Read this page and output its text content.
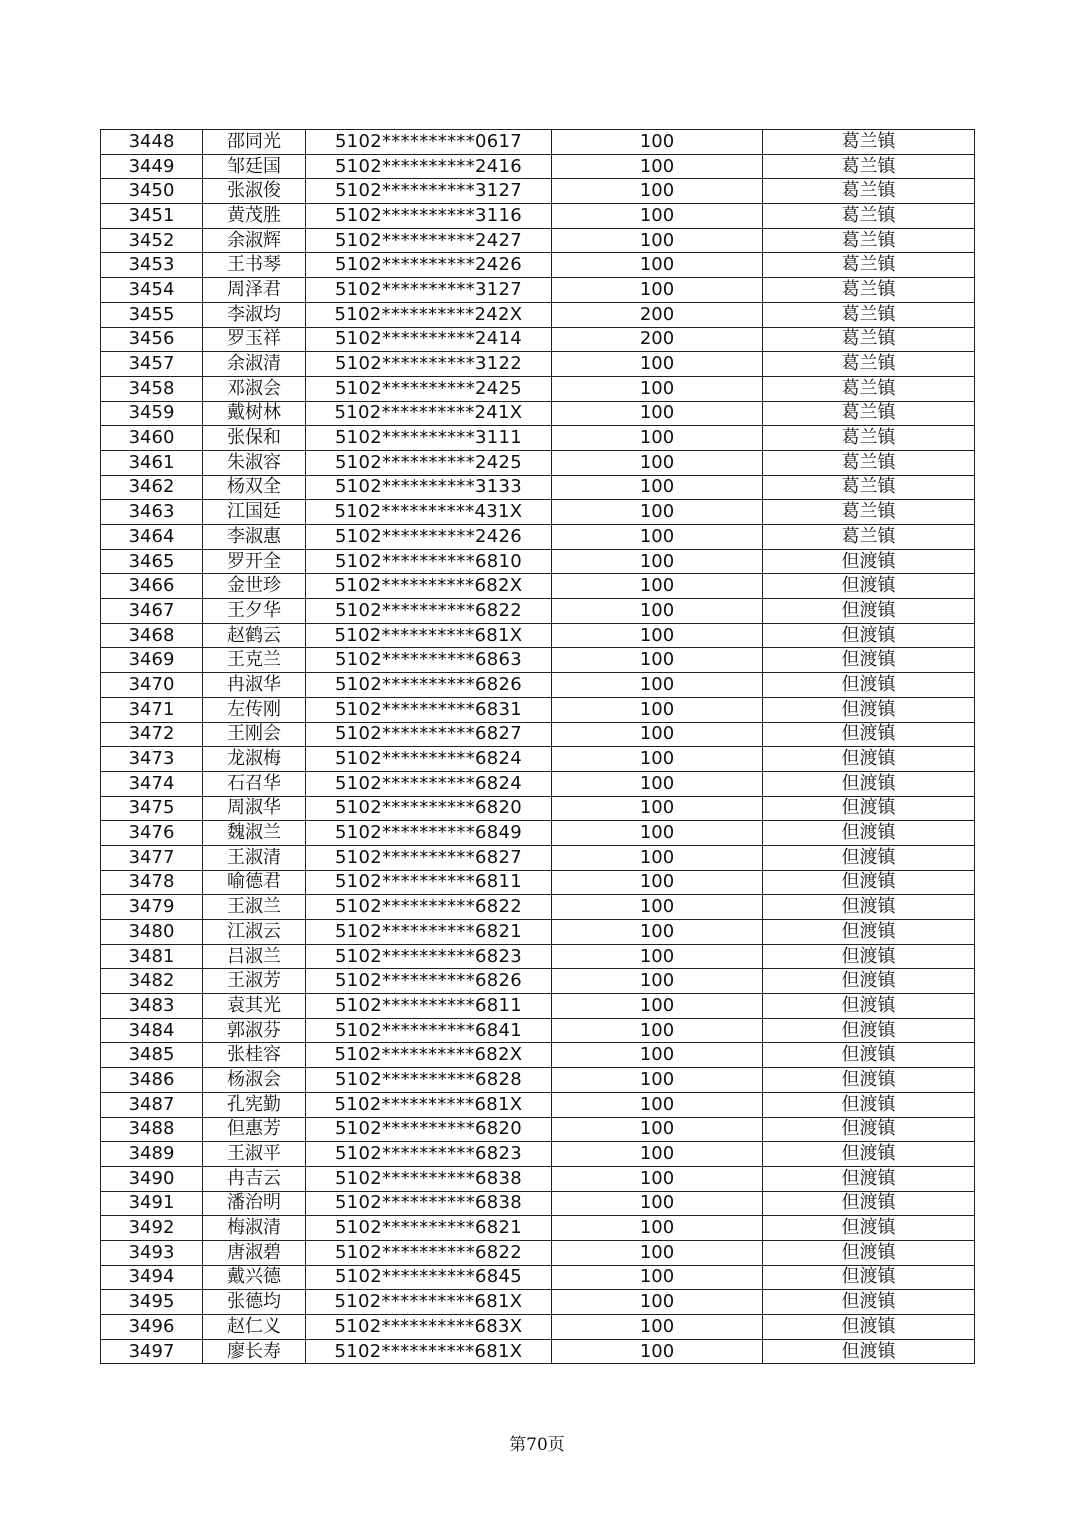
3448	邵同光	5102**********0617	100	葛兰镇
3449	邹廷国	5102**********2416	100	葛兰镇
3450	张淑俊	5102**********3127	100	葛兰镇
3451	黄茂胜	5102**********3116	100	葛兰镇
3452	余淑辉	5102**********2427	100	葛兰镇
3453	王书琴	5102**********2426	100	葛兰镇
3454	周泽君	5102**********3127	100	葛兰镇
3455	李淑均	5102**********242X	200	葛兰镇
3456	罗玉祥	5102**********2414	200	葛兰镇
3457	余淑清	5102**********3122	100	葛兰镇
3458	邓淑会	5102**********2425	100	葛兰镇
3459	戴树林	5102**********241X	100	葛兰镇
3460	张保和	5102**********3111	100	葛兰镇
3461	朱淑容	5102**********2425	100	葛兰镇
3462	杨双全	5102**********3133	100	葛兰镇
3463	江国廷	5102**********431X	100	葛兰镇
3464	李淑惠	5102**********2426	100	葛兰镇
3465	罗开全	5102**********6810	100	但渡镇
3466	金世珍	5102**********682X	100	但渡镇
3467	王夕华	5102**********6822	100	但渡镇
3468	赵鹤云	5102**********681X	100	但渡镇
3469	王克兰	5102**********6863	100	但渡镇
3470	冉淑华	5102**********6826	100	但渡镇
3471	左传刚	5102**********6831	100	但渡镇
3472	王刚会	5102**********6827	100	但渡镇
3473	龙淑梅	5102**********6824	100	但渡镇
3474	石召华	5102**********6824	100	但渡镇
3475	周淑华	5102**********6820	100	但渡镇
3476	魏淑兰	5102**********6849	100	但渡镇
3477	王淑清	5102**********6827	100	但渡镇
3478	喻德君	5102**********6811	100	但渡镇
3479	王淑兰	5102**********6822	100	但渡镇
3480	江淑云	5102**********6821	100	但渡镇
3481	吕淑兰	5102**********6823	100	但渡镇
3482	王淑芳	5102**********6826	100	但渡镇
3483	袁其光	5102**********6811	100	但渡镇
3484	郭淑芬	5102**********6841	100	但渡镇
3485	张桂容	5102**********682X	100	但渡镇
3486	杨淑会	5102**********6828	100	但渡镇
3487	孔宪勤	5102**********681X	100	但渡镇
3488	但惠芳	5102**********6820	100	但渡镇
3489	王淑平	5102**********6823	100	但渡镇
3490	冉吉云	5102**********6838	100	但渡镇
3491	潘治明	5102**********6838	100	但渡镇
3492	梅淑清	5102**********6821	100	但渡镇
3493	唐淑碧	5102**********6822	100	但渡镇
3494	戴兴德	5102**********6845	100	但渡镇
3495	张德均	5102**********681X	100	但渡镇
3496	赵仁义	5102**********683X	100	但渡镇
3497	廖长寿	5102**********681X	100	但渡镇
第70页
